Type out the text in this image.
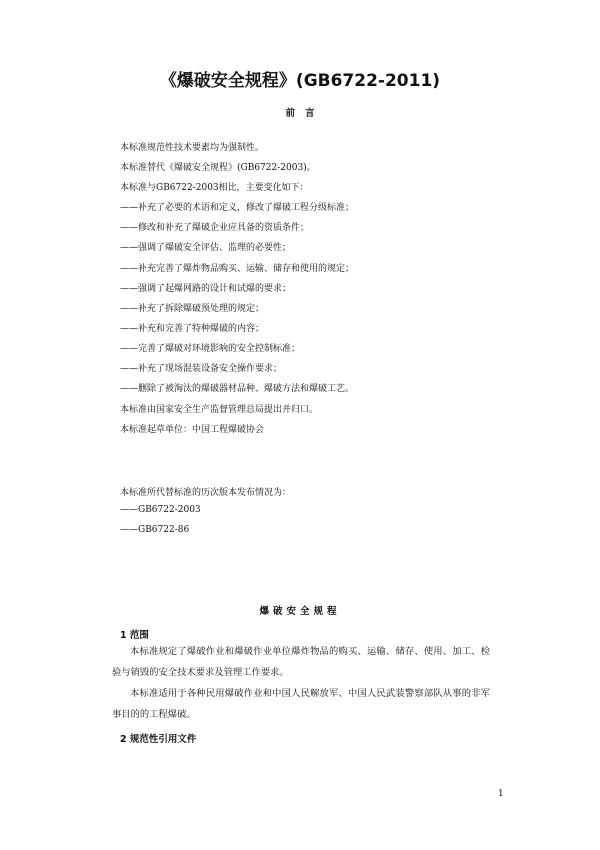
《爆破安全规程》(GB6722-2011)
前言
本标准规范性技术要素均为强制性。
本标准替代《爆破安全规程》(GB6722-2003)。
本标准与GB6722-2003相比，主要变化如下：
——补充了必要的术语和定义，修改了爆破工程分级标准；
——修改和补充了爆破企业应具备的资质条件；
——强调了爆破安全评估、监理的必要性；
——补充完善了爆炸物品购买、运输、储存和使用的规定；
——强调了起爆网路的设计和试爆的要求；
——补充了拆除爆破预处理的规定；
——补充和完善了特种爆破的内容；
——完善了爆破对环境影响的安全控制标准；
——补充了现场混装设备安全操作要求；
——删除了被淘汰的爆破器材品种、爆破方法和爆破工艺。
本标准由国家安全生产监督管理总局提出并归口。
本标准起草单位：中国工程爆破协会
本标准所代替标准的历次版本发布情况为：
——GB6722-2003
——GB6722-86
爆破安全规程
1 范围
本标准规定了爆破作业和爆破作业单位爆炸物品的购买、运输、储存、使用、加工、检验与销毁的安全技术要求及管理工作要求。
本标准适用于各种民用爆破作业和中国人民解放军、中国人民武装警察部队从事的非军事目的的工程爆破。
2 规范性引用文件
1
